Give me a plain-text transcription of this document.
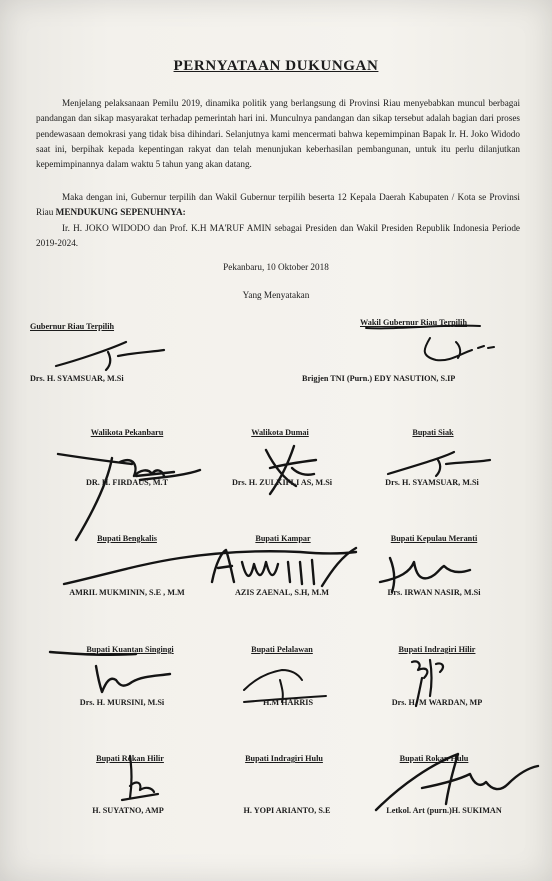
PERNYATAAN DUKUNGAN
Menjelang pelaksanaan Pemilu 2019, dinamika politik yang berlangsung di Provinsi Riau menyebabkan muncul berbagai pandangan dan sikap masyarakat terhadap pemerintah hari ini. Munculnya pandangan dan sikap tersebut adalah bagian dari proses pendewasaan demokrasi yang tidak bisa dihindari. Selanjutnya kami mencermati bahwa kepemimpinan Bapak Ir. H. Joko Widodo saat ini, berpihak kepada kepentingan rakyat dan telah menunjukan keberhasilan pembangunan, untuk itu perlu dilanjutkan kepemimpinannya dalam waktu 5 tahun yang akan datang.
Maka dengan ini, Gubernur terpilih dan Wakil Gubernur terpilih beserta 12 Kepala Daerah Kabupaten / Kota se Provinsi Riau MENDUKUNG SEPENUHNYA:
Ir. H. JOKO WIDODO dan Prof. K.H MA'RUF AMIN sebagai Presiden dan Wakil Presiden Republik Indonesia Periode 2019-2024.
Pekanbaru, 10 Oktober 2018
Yang Menyatakan
Gubernur Riau Terpilih
Drs. H. SYAMSUAR, M.Si
Wakil Gubernur Riau Terpilih
Brigjen TNI (Purn.) EDY NASUTION, S.IP
Walikota Pekanbaru
DR. H. FIRDAUS, M.T
Walikota Dumai
Drs. H. ZULKIFLI AS, M.Si
Bupati Siak
Drs. H. SYAMSUAR, M.Si
Bupati Bengkalis
AMRIL MUKMININ, S.E , M.M
Bupati Kampar
AZIS ZAENAL, S.H, M.M
Bupati Kepulau Meranti
Drs. IRWAN NASIR, M.Si
Bupati Kuantan Singingi
Drs. H. MURSINI, M.Si
Bupati Pelalawan
H.M HARRIS
Bupati Indragiri Hilir
Drs. H. M WARDAN, MP
Bupati Rokan Hilir
H. SUYATNO, AMP
Bupati Indragiri Hulu
H. YOPI ARIANTO, S.E
Bupati Rokan Hulu
Letkol. Art (purn.)H. SUKIMAN
